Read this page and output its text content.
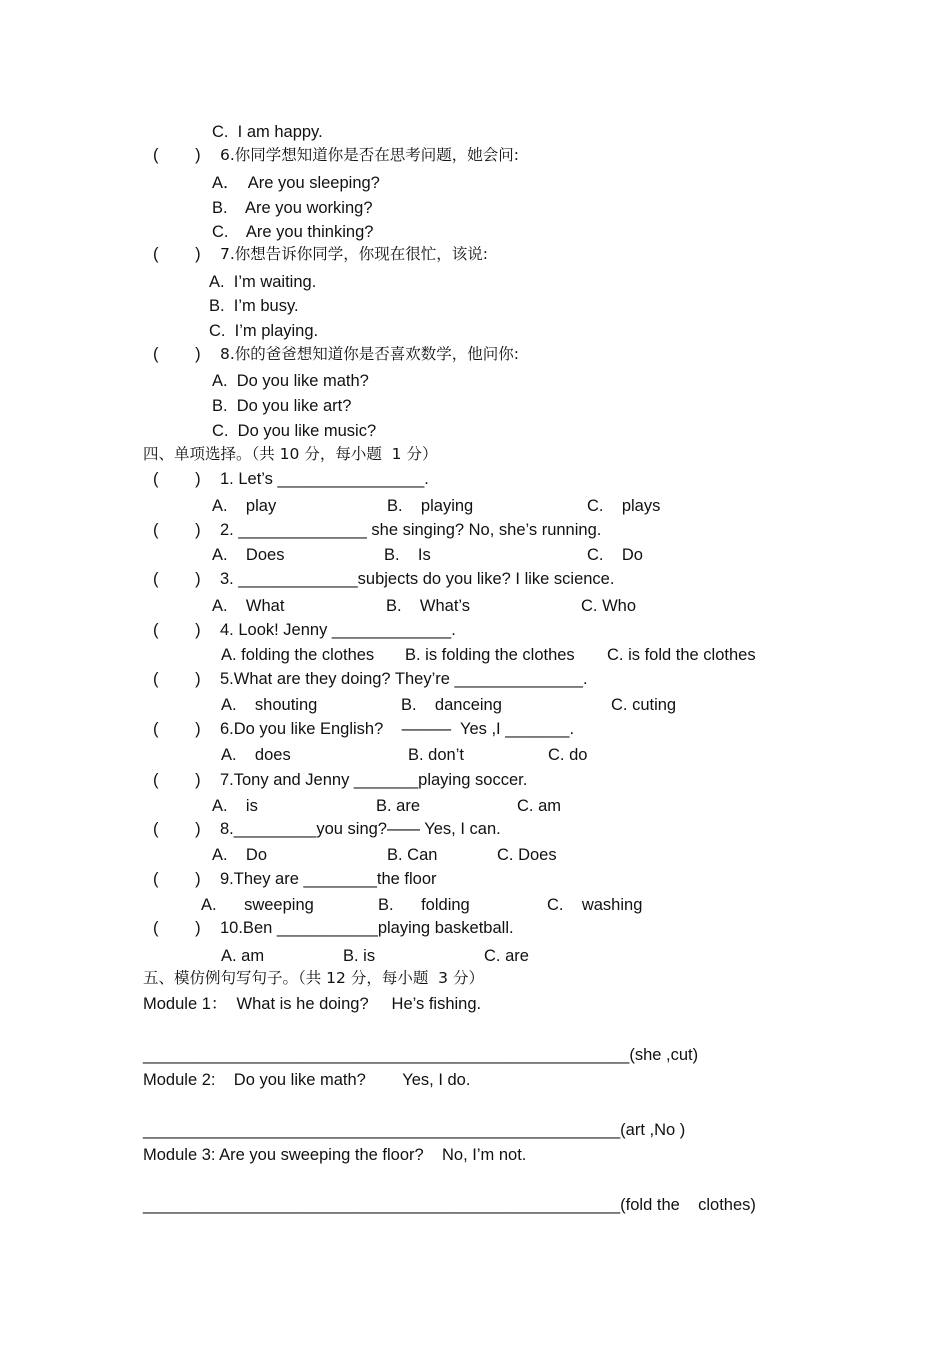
C.  I am happy.
(        ) 6.你同学想知道你是否在思考问题，她会问:
A．  Are you sleeping?
B.    Are you working?
C.    Are you thinking?
(        ) 7.你想告诉你同学，你现在很忙，该说:
A.  I’m waiting.
B.  I’m busy.
C.  I’m playing.
(        ) 8.你的爸爸想知道你是否喜欢数学，他问你:
A.  Do you like math?
B.  Do you like art?
C.  Do you like music?
四、单项选择。（共 10 分，每小题  1 分）
(        ) 1. Let’s ________________.
A.    play	B.    playing	C.    plays
(        ) 2. ______________ she singing? No, she’s running.
A.    Does	B.    Is	C.    Do
(        ) 3. _____________subjects do you like? I like science.
A.    What	B.    What’s	C. Who
(        ) 4. Look! Jenny _____________.
A. folding the clothes B. is folding the clothes C. is fold the clothes
(        ) 5.What are they doing? They’re ______________.
A.    shouting	B.    danceing	C. cuting
(        ) 6.Do you like English?    ———  Yes ,I _______.
A.    does	B. don’t	C. do
(        ) 7.Tony and Jenny _______playing soccer.
A.    is	B. are	C. am
(        ) 8._________you sing?—— Yes, I can.
A.    Do	B. Can	C. Does
(        ) 9.They are ________the floor
A.      sweeping	B.      folding	C.    washing
(        ) 10.Ben ___________playing basketball.
A. am	B. is	C. are
五、模仿例句写句子。（共 12 分，每小题  3 分）
Module 1：  What is he doing?     He’s fishing.
_____________________________________________________(she ,cut)
Module 2:    Do you like math?        Yes, I do.
____________________________________________________(art ,No )
Module 3: Are you sweeping the floor?    No, I’m not.
____________________________________________________(fold the    clothes)
